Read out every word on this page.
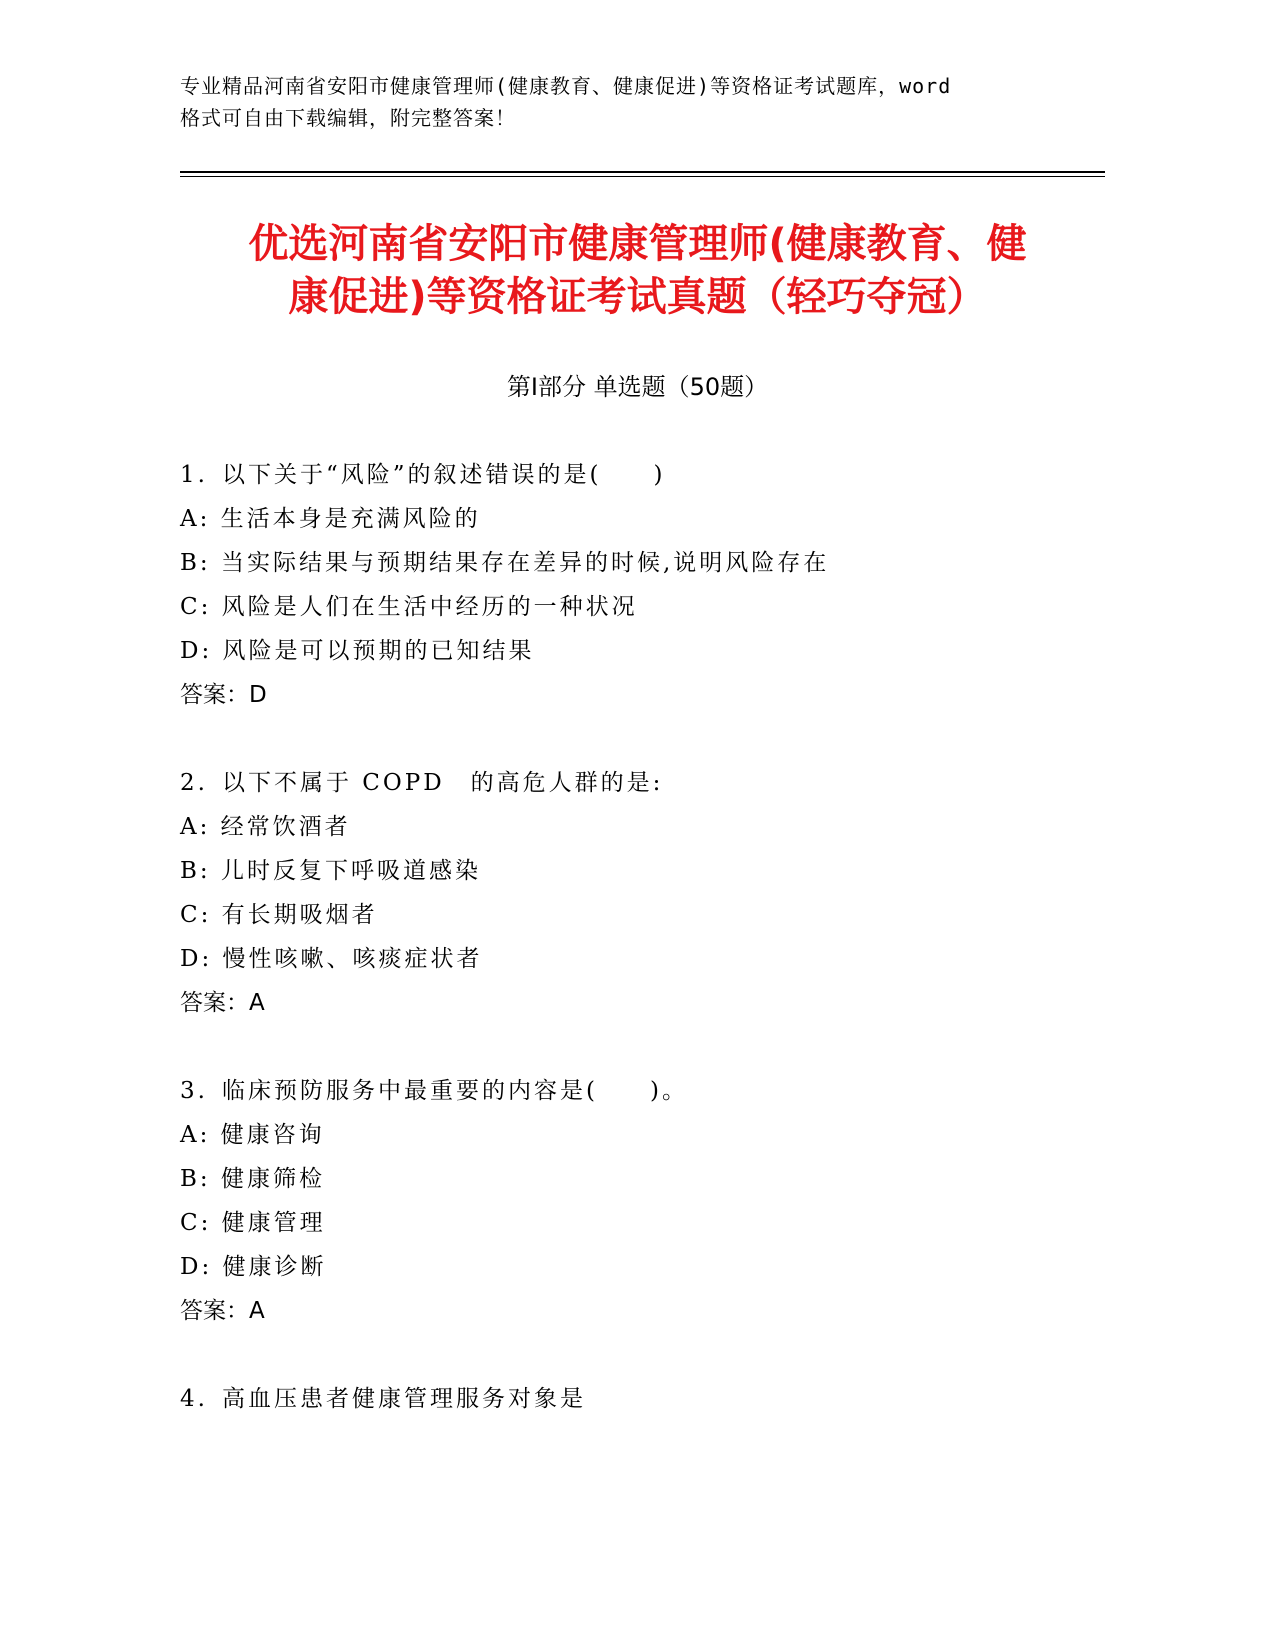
专业精品河南省安阳市健康管理师(健康教育、健康促进)等资格证考试题库，word
格式可自由下载编辑，附完整答案！
优选河南省安阳市健康管理师(健康教育、健
康促进)等资格证考试真题（轻巧夺冠）
第Ⅰ部分 单选题（50题）
1. 以下关于“风险”的叙述错误的是(　　)
A: 生活本身是充满风险的
B: 当实际结果与预期结果存在差异的时候,说明风险存在
C: 风险是人们在生活中经历的一种状况
D: 风险是可以预期的已知结果
答案：D
2. 以下不属于 COPD　的高危人群的是:
A: 经常饮酒者
B: 儿时反复下呼吸道感染
C: 有长期吸烟者
D: 慢性咳嗽、咳痰症状者
答案：A
3. 临床预防服务中最重要的内容是(　　)。
A: 健康咨询
B: 健康筛检
C: 健康管理
D: 健康诊断
答案：A
4. 高血压患者健康管理服务对象是
